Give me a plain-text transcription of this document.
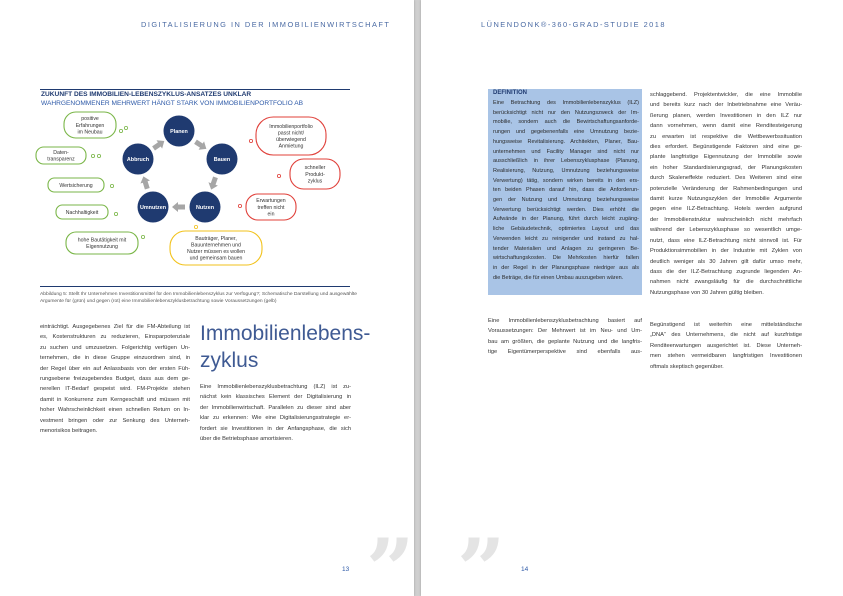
DIGITALISIERUNG IN DER IMMOBILIENWIRTSCHAFT
ZUKUNFT DES IMMOBILIEN-LEBENSZYKLUS-ANSATZES UNKLAR
WAHRGENOMMENER MEHRWERT HÄNGT STARK VON IMMOBILIENPORTFOLIO AB
Planen
Bauen
Nutzen
Umnutzen
Abbruch
positive Erfahrungen im Neubau
Daten-transparenz
Wertsicherung
Nachhaltigkeit
hohe Bautätigkeit mit Eigennutzung
Immobilienportfolio passt nicht/ überwiegend Anmietung
schneller Produkt-zyklus
Erwartungen treffen nicht ein
Bauträger, Planer, Bauunternehmen und Nutzer müssen es wollen und gemeinsam bauen
Abbildung 5: Stellt Ihr Unternehmen Investitionsmittel für den Immobilienlebenszyklus zur Verfügung?; Schematische Darstellung und ausgewählte Argumente für (grün) und gegen (rot) eine Immobilienlebenszyklusbetrachtung sowie Voraussetzungen (gelb)
einträchtigt. Ausgegebenes Ziel für die FM-Abteilung ist
es, Kostenstrukturen zu reduzieren, Einsparpotenziale
zu suchen und umzusetzen. Folgerichtig verfügen Un-
ternehmen, die in diese Gruppe einzuordnen sind, in
der Regel über ein auf Anlassbasis von der ersten Füh-
rungsebene freizugebendes Budget, dass aus dem ge-
nerellen IT-Bedarf gespeist wird. FM-Projekte stehen
damit in Konkurrenz zum Kerngeschäft und müssen mit
hoher Wahrscheinlichkeit einen schnellen Return on In-
vestment bringen oder zur Senkung des Unterneh-
menorisikos beitragen.
Immobilienlebens-zyklus
Eine Immobilienlebenszyklusbetrachtung (ILZ) ist zu-
nächst kein klassisches Element der Digitalisierung in
der Immobilienwirtschaft. Parallelen zu dieser sind aber
klar zu erkennen: Wie eine Digitalisierungsstrategie er-
fordert sie Investitionen in der Anfangsphase, die sich
über die Betriebsphase amortisieren.
”
13
LÜNENDONK®-360-GRAD-STUDIE 2018
DEFINITION
Eine Betrachtung des Immobilienlebenszyklus (ILZ)
berücksichtigt nicht nur den Nutzungszweck der Im-
mobilie, sondern auch die Bewirtschaftungsanforde-
rungen und gegebenenfalls eine Umnutzung bezie-
hungsweise Revitalisierung. Architekten, Planer, Bau-
unternehmen und Facility Manager sind nicht nur
ausschließlich in ihrer Lebenszyklusphase (Planung,
Realisierung, Nutzung, Umnutzung beziehungsweise
Verwertung) tätig, sondern wirken bereits in den ers-
ten beiden Phasen darauf hin, dass die Anforderun-
gen der Nutzung und Umnutzung beziehungsweise
Verwertung berücksichtigt werden. Dies erhöht die
Aufwände in der Planung, führt durch leicht zugäng-
liche Gebäudetechnik, optimiertes Layout und das
Verwenden leicht zu reinigender und instand zu hal-
tender Materialien und Anlagen zu geringeren Be-
wirtschaftungskosten. Die Mehrkosten hierfür fallen
in der Regel in der Planungsphase niedriger aus als
die Beträge, die für einen Umbau auszugeben wären.
Eine Immobilienlebenszyklusbetrachtung basiert auf
Voraussetzungen: Der Mehrwert ist im Neu- und Um-
bau am größten, die geplante Nutzung und die langfris-
tige Eigentümerperspektive sind ebenfalls aus-
schlaggebend. Projektentwickler, die eine Immobilie
und bereits kurz nach der Inbetriebnahme eine Veräu-
ßerung planen, werden Investitionen in den ILZ nur
dann vornehmen, wenn damit eine Renditesteigerung
zu erwarten ist respektive die Wettbewerbssituation
dies erfordert. Begünstigende Faktoren sind eine ge-
plante langfristige Eigennutzung der Immobilie sowie
ein hoher Standardisierungsgrad, der Planungskosten
durch Skaleneffekte reduziert. Des Weiteren sind eine
potenzielle Veränderung der Rahmenbedingungen und
damit kurze Nutzungszyklen der Immobilie Argumente
gegen eine ILZ-Betrachtung. Hotels werden aufgrund
der Immobilienstruktur wahrscheinlich nicht mehrfach
während der Lebenszyklusphase so wesentlich umge-
nutzt, dass eine ILZ-Betrachtung nicht sinnvoll ist. Für
Produktionsimmobilien in der Industrie mit Zyklen von
deutlich weniger als 30 Jahren gilt dafür umso mehr,
dass die der ILZ-Betrachtung zugrunde liegenden An-
nahmen nicht zwangsläufig für die durchschnittliche
Nutzungsphase von 30 Jahren gültig bleiben.
Begünstigend ist weiterhin eine mittelständische
„DNA“ des Unternehmens, die nicht auf kurzfristige
Renditeerwartungen ausgerichtet ist. Diese Unterneh-
men stehen vermeidbaren langfristigen Investitionen
oftmals skeptisch gegenüber.
” 14
